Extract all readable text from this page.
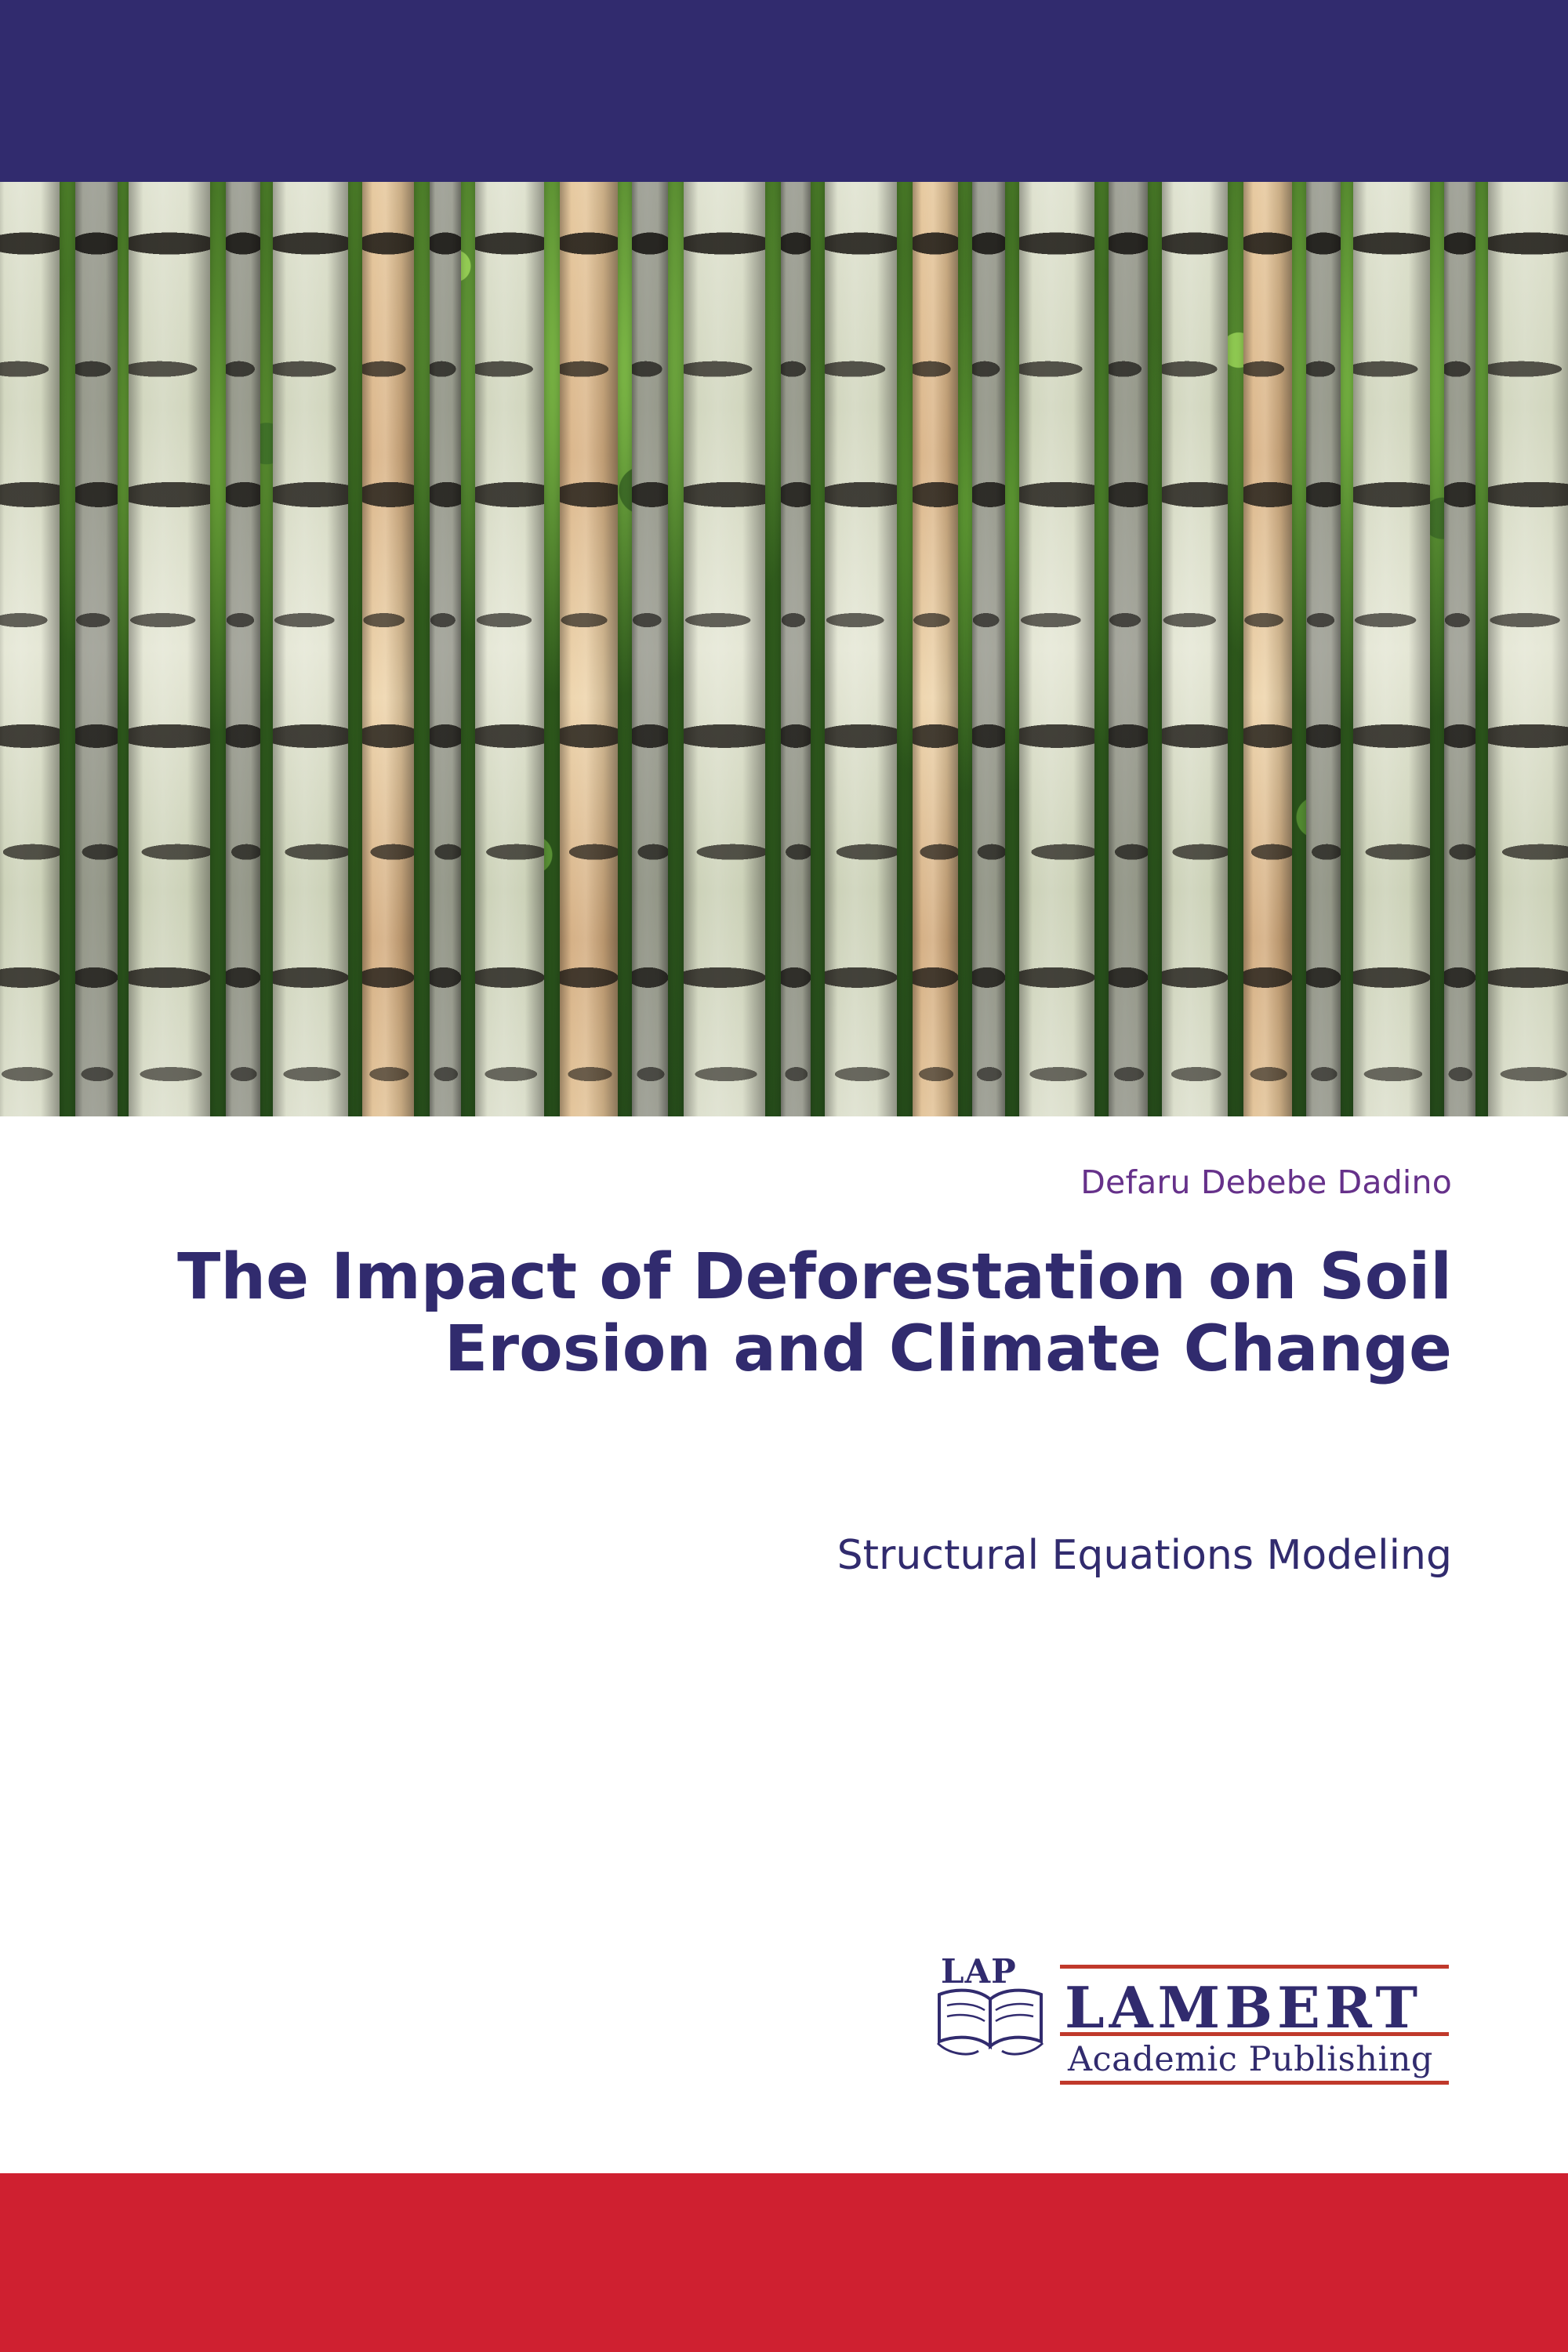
Defaru Debebe Dadino
The Impact of Deforestation on Soil Erosion and Climate Change
Structural Equations Modeling
LAP
LAMBERT
Academic Publishing
